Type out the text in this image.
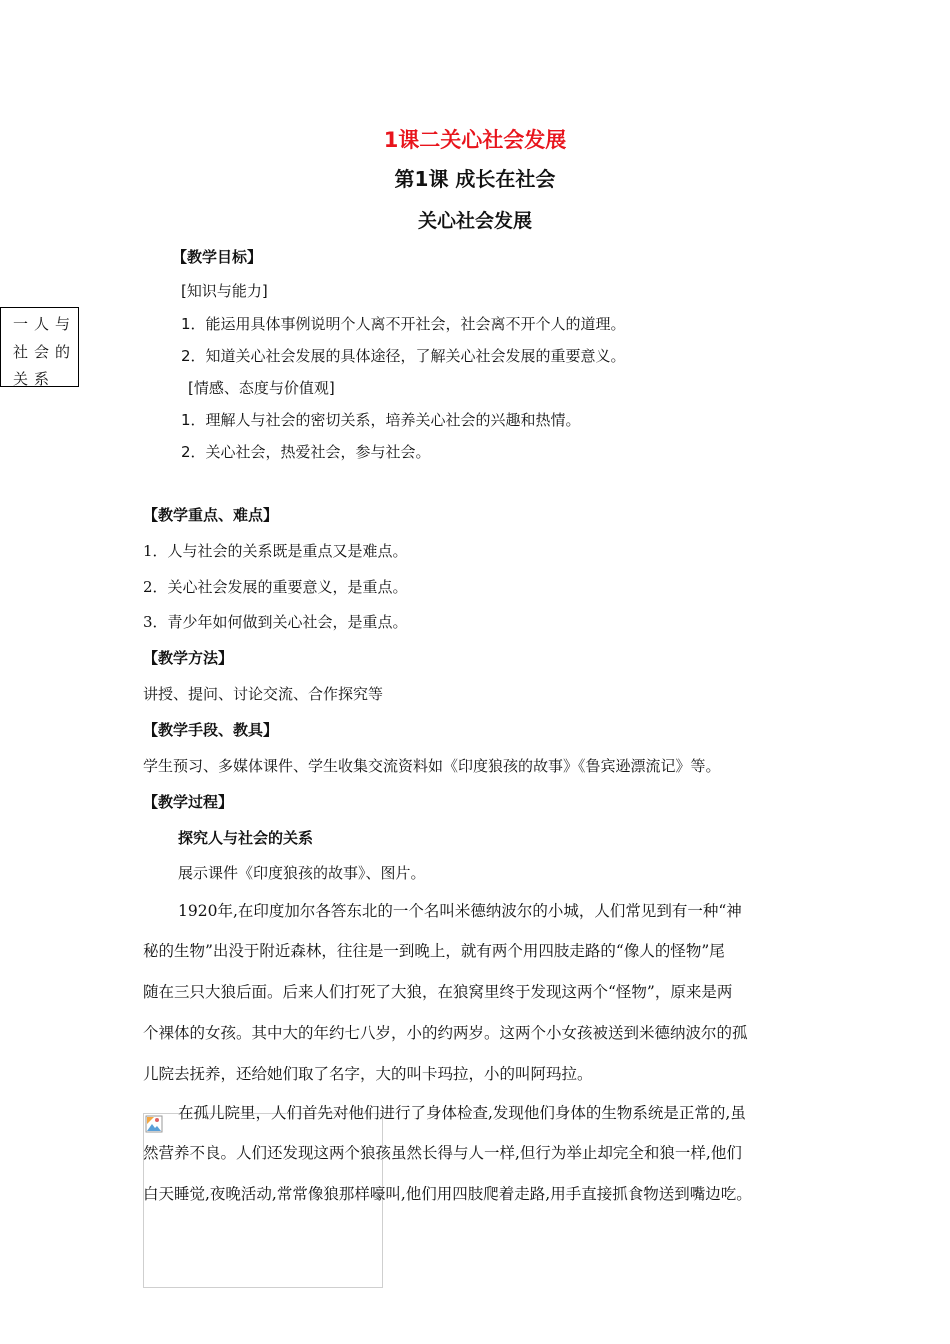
1课二关心社会发展
第1课 成长在社会
关心社会发展
一人与
社会的
关系
【教学目标】
[知识与能力]
1．能运用具体事例说明个人离不开社会，社会离不开个人的道理。
2．知道关心社会发展的具体途径，了解关心社会发展的重要意义。
[情感、态度与价值观]
1．理解人与社会的密切关系，培养关心社会的兴趣和热情。
2．关心社会，热爱社会，参与社会。
【教学重点、难点】
1．人与社会的关系既是重点又是难点。
2．关心社会发展的重要意义，是重点。
3．青少年如何做到关心社会，是重点。
【教学方法】
讲授、提问、讨论交流、合作探究等
【教学手段、教具】
学生预习、多媒体课件、学生收集交流资料如《印度狼孩的故事》《鲁宾逊漂流记》等。
【教学过程】
探究人与社会的关系
展示课件《印度狼孩的故事》、图片。
1920年,在印度加尔各答东北的一个名叫米德纳波尔的小城，人们常见到有一种“神
秘的生物”出没于附近森林，往往是一到晚上，就有两个用四肢走路的“像人的怪物”尾
随在三只大狼后面。后来人们打死了大狼，在狼窝里终于发现这两个“怪物”，原来是两
个裸体的女孩。其中大的年约七八岁，小的约两岁。这两个小女孩被送到米德纳波尔的孤
儿院去抚养，还给她们取了名字，大的叫卡玛拉，小的叫阿玛拉。
在孤儿院里，人们首先对他们进行了身体检查,发现他们身体的生物系统是正常的,虽
然营养不良。人们还发现这两个狼孩虽然长得与人一样,但行为举止却完全和狼一样,他们
白天睡觉,夜晚活动,常常像狼那样嚎叫,他们用四肢爬着走路,用手直接抓食物送到嘴边吃。
